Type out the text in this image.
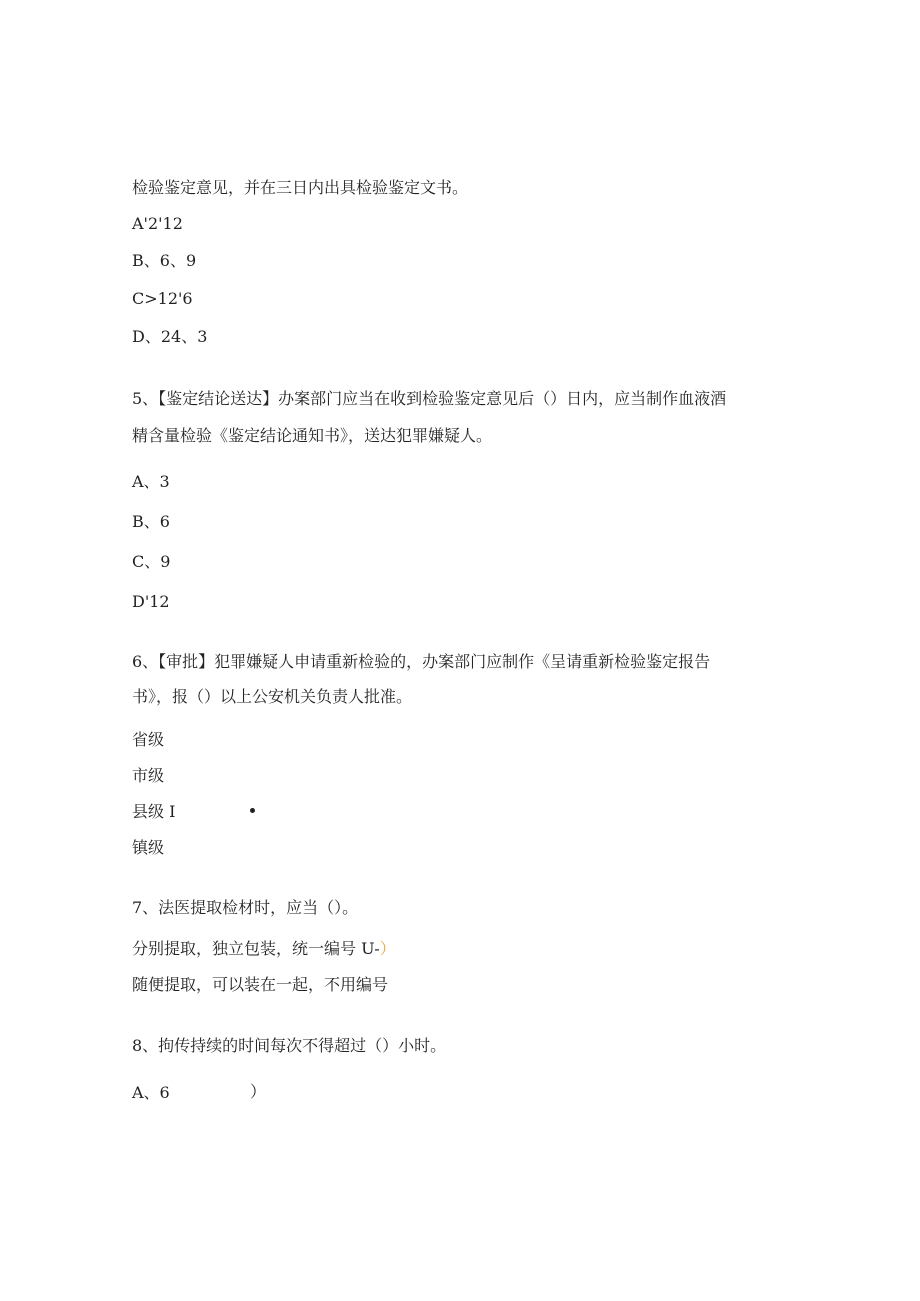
检验鉴定意见，并在三日内出具检验鉴定文书。
A'2'12
B、6、9
C>12'6
D、24、3
5、【鉴定结论送达】办案部门应当在收到检验鉴定意见后（）日内，应当制作血液酒
精含量检验《鉴定结论通知书》，送达犯罪嫌疑人。
A、3
B、6
C、9
D'12
6、【审批】犯罪嫌疑人申请重新检验的，办案部门应制作《呈请重新检验鉴定报告
书》，报（）以上公安机关负责人批准。
省级
市级
县级 I
镇级
7、法医提取检材时，应当（）。
分别提取，独立包装，统一编号 U-）
随便提取，可以装在一起，不用编号
8、拘传持续的时间每次不得超过（）小时。
A、6	）
